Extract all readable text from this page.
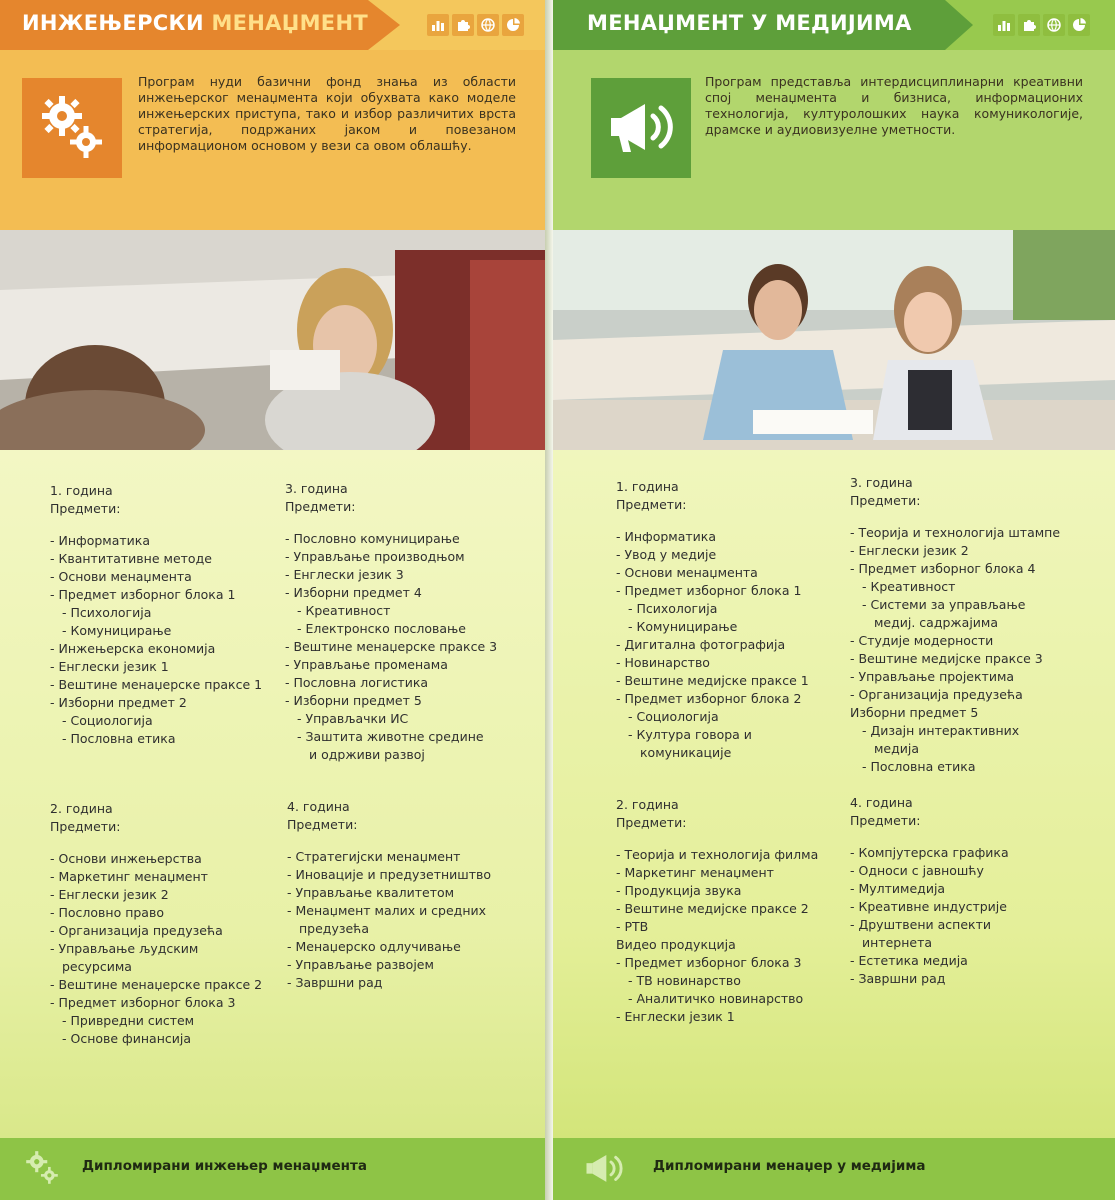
ИНЖЕЊЕРСКИ МЕНАЏМЕНТ
Програм нуди базични фонд знања из области инжењерског менаџмента који обухвата како моделе инжењерских приступа, тако и избор различитих врста стратегија, подржаних јаком и повезаном информационом основом у вези са овом облашћу.
1. година
Предмети:
- Информатика
- Квантитативне методе
- Основи менаџмента
- Предмет изборног блока 1
- Психологија
- Комуницирање
- Инжењерска економија
- Енглески језик 1
- Вештине менаџерске праксе 1
- Изборни предмет 2
- Социологија
- Пословна етика
3. година
Предмети:
- Пословно комуницирање
- Управљање производњом
- Енглески језик 3
- Изборни предмет 4
- Креативност
- Електронско пословање
- Вештине менаџерске праксе 3
- Управљање променама
- Пословна логистика
- Изборни предмет 5
- Управљачки ИС
- Заштита животне средине
и одрживи развој
2. година
Предмети:
- Основи инжењерства
- Маркетинг менаџмент
- Енглески језик 2
- Пословно право
- Организација предузећа
- Управљање људским
ресурсима
- Вештине менаџерске праксе 2
- Предмет изборног блока 3
- Привредни систем
- Основе финансија
4. година
Предмети:
- Стратегијски менаџмент
- Иновације и предузетништво
- Управљање квалитетом
- Менаџмент малих и средних
предузећа
- Менаџерско одлучивање
- Управљање развојем
- Завршни рад
Дипломирани инжењер менаџмента
МЕНАЏМЕНТ У МЕДИЈИМА
Програм представља интердисциплинарни креативни спој менаџмента и бизниса, информационих технологија, културолошких наука комуникологије, драмске и аудиовизуелне уметности.
1. година
Предмети:
- Информатика
- Увод у медије
- Основи менаџмента
- Предмет изборног блока 1
- Психологија
- Комуницирање
- Дигитална фотографија
- Новинарство
- Вештине медијске праксе 1
- Предмет изборног блока 2
- Социологија
- Култура говора и
комуникације
3. година
Предмети:
- Теорија и технологија штампе
- Енглески језик 2
- Предмет изборног блока 4
- Креативност
- Системи за управљање
медиј. садржајима
- Студије модерности
- Вештине медијске праксе 3
- Управљање пројектима
- Организација предузећа
Изборни предмет 5
- Дизајн интерактивних
медија
- Пословна етика
2. година
Предмети:
- Теорија и технологија филма
- Маркетинг менаџмент
- Продукција звука
- Вештине медијске праксе 2
- РТВ
Видео продукција
- Предмет изборног блока 3
- ТВ новинарство
- Аналитичко новинарство
- Енглески језик 1
4. година
Предмети:
- Компјутерска графика
- Односи с јавношћу
- Мултимедија
- Креативне индустрије
- Друштвени аспекти
интернета
- Естетика медија
- Завршни рад
Дипломирани менаџер у медијима
